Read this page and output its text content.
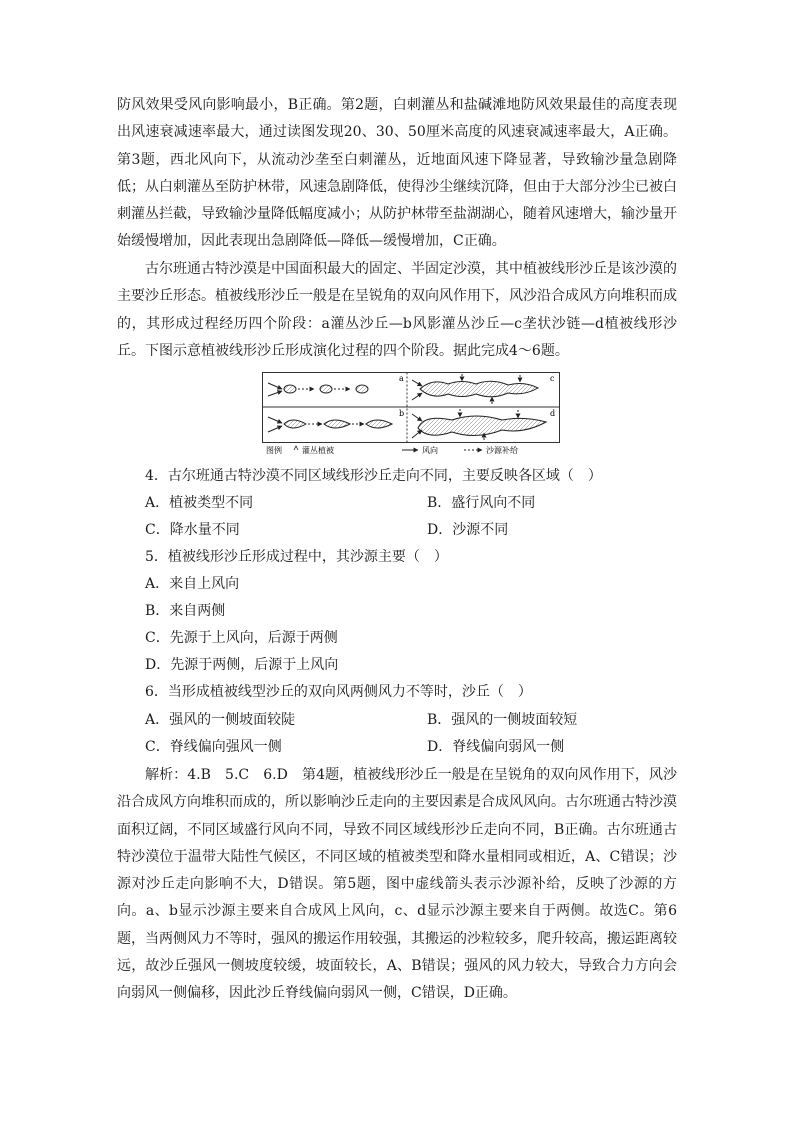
防风效果受风向影响最小，B正确。第2题，白刺灌丛和盐碱滩地防风效果最佳的高度表现出风速衰减速率最大，通过读图发现20、30、50厘米高度的风速衰减速率最大，A正确。第3题，西北风向下，从流动沙垄至白刺灌丛，近地面风速下降显著，导致输沙量急剧降低；从白刺灌丛至防护林带，风速急剧降低，使得沙尘继续沉降，但由于大部分沙尘已被白刺灌丛拦截，导致输沙量降低幅度减小；从防护林带至盐湖湖心，随着风速增大，输沙量开始缓慢增加，因此表现出急剧降低—降低—缓慢增加，C正确。

古尔班通古特沙漠是中国面积最大的固定、半固定沙漠，其中植被线形沙丘是该沙漠的主要沙丘形态。植被线形沙丘一般是在呈锐角的双向风作用下，风沙沿合成风方向堆积而成的，其形成过程经历四个阶段：a灌丛沙丘—b风影灌丛沙丘—c垄状沙链—d植被线形沙丘。下图示意植被线形沙丘形成演化过程的四个阶段。据此完成4～6题。

a
b
c
d
图例	灌丛植被	风向	沙源补给

4．古尔班通古特沙漠不同区域线形沙丘走向不同，主要反映各区域（　）

A．植被类型不同	B．盛行风向不同

C．降水量不同	D．沙源不同

5．植被线形沙丘形成过程中，其沙源主要（　）

A．来自上风向

B．来自两侧

C．先源于上风向，后源于两侧

D．先源于两侧，后源于上风向

6．当形成植被线型沙丘的双向风两侧风力不等时，沙丘（　）

A．强风的一侧坡面较陡	B．强风的一侧坡面较短

C．脊线偏向强风一侧	D．脊线偏向弱风一侧

解析：4.B　5.C　6.D　第4题，植被线形沙丘一般是在呈锐角的双向风作用下，风沙沿合成风方向堆积而成的，所以影响沙丘走向的主要因素是合成风风向。古尔班通古特沙漠面积辽阔，不同区域盛行风向不同，导致不同区域线形沙丘走向不同，B正确。古尔班通古特沙漠位于温带大陆性气候区，不同区域的植被类型和降水量相同或相近，A、C错误；沙源对沙丘走向影响不大，D错误。第5题，图中虚线箭头表示沙源补给，反映了沙源的方向。a、b显示沙源主要来自合成风上风向，c、d显示沙源主要来自于两侧。故选C。第6题，当两侧风力不等时，强风的搬运作用较强，其搬运的沙粒较多，爬升较高，搬运距离较远，故沙丘强风一侧坡度较缓，坡面较长，A、B错误；强风的风力较大，导致合力方向会向弱风一侧偏移，因此沙丘脊线偏向弱风一侧，C错误，D正确。
